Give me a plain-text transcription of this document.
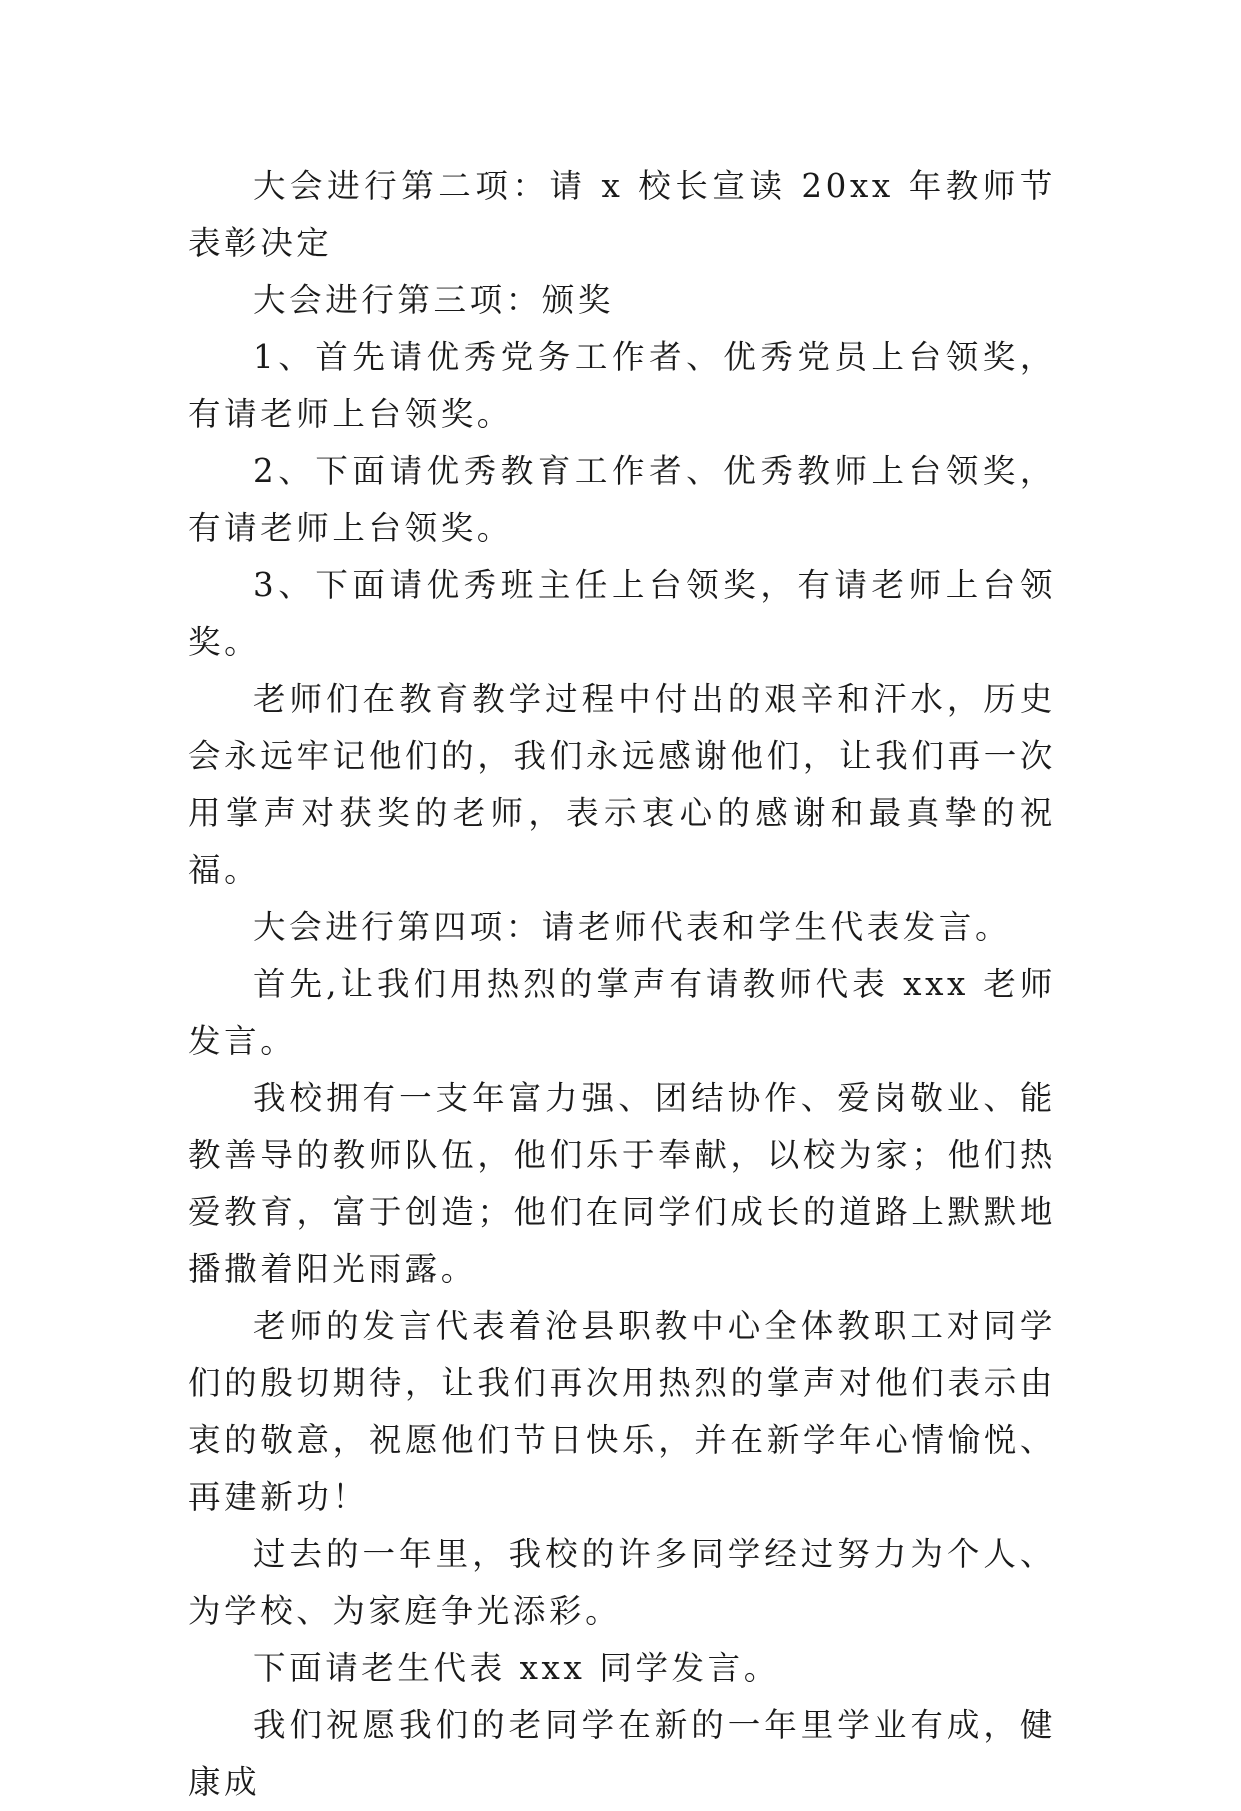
大会进行第二项：请 x 校长宣读 20xx 年教师节表彰决定

大会进行第三项：颁奖

1、首先请优秀党务工作者、优秀党员上台领奖，有请老师上台领奖。

2、下面请优秀教育工作者、优秀教师上台领奖，有请老师上台领奖。

3、下面请优秀班主任上台领奖，有请老师上台领奖。

老师们在教育教学过程中付出的艰辛和汗水，历史会永远牢记他们的，我们永远感谢他们，让我们再一次用掌声对获奖的老师，表示衷心的感谢和最真挚的祝福。

大会进行第四项：请老师代表和学生代表发言。

首先,让我们用热烈的掌声有请教师代表 xxx 老师发言。

我校拥有一支年富力强、团结协作、爱岗敬业、能教善导的教师队伍，他们乐于奉献，以校为家；他们热爱教育，富于创造；他们在同学们成长的道路上默默地播撒着阳光雨露。

老师的发言代表着沧县职教中心全体教职工对同学们的殷切期待，让我们再次用热烈的掌声对他们表示由衷的敬意，祝愿他们节日快乐，并在新学年心情愉悦、再建新功！

过去的一年里，我校的许多同学经过努力为个人、为学校、为家庭争光添彩。

下面请老生代表 xxx 同学发言。

我们祝愿我们的老同学在新的一年里学业有成，健康成
